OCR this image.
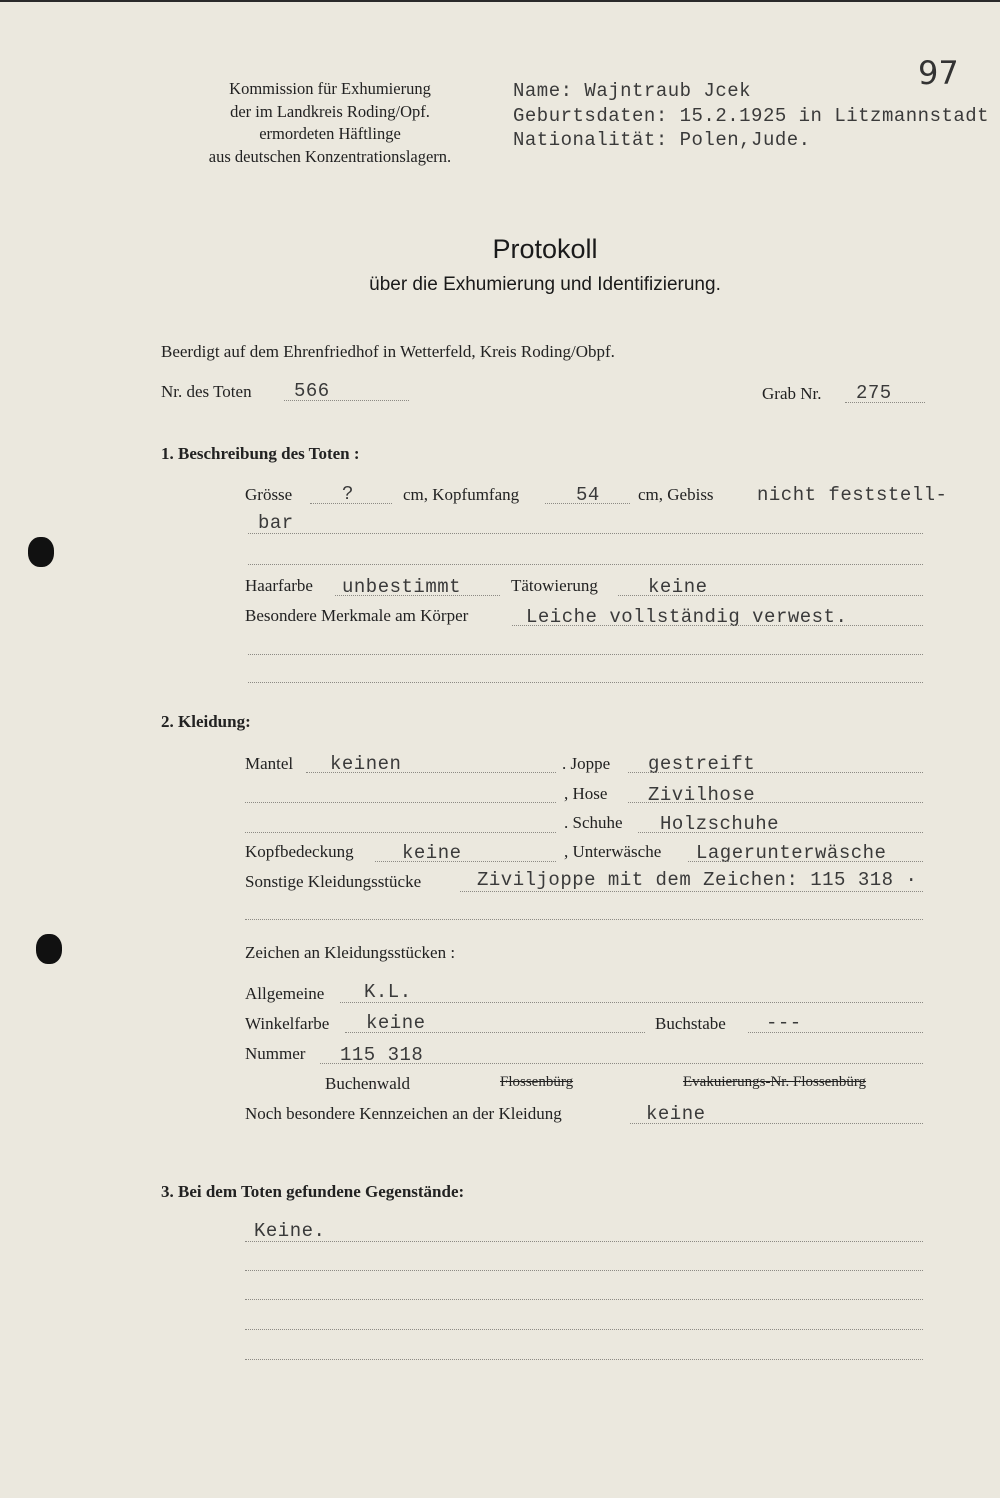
Kommission für Exhumierung
der im Landkreis Roding/Opf.
ermordeten Häftlinge
aus deutschen Konzentrationslagern.
Name: Wajntraub Jcek
Geburtsdaten: 15.2.1925 in Litzmannstadt
Nationalität: Polen,Jude.
97
Protokoll
über die Exhumierung und Identifizierung.
Beerdigt auf dem Ehrenfriedhof in Wetterfeld, Kreis Roding/Obpf.
Nr. des Toten 566	Grab Nr. 275
1. Beschreibung des Toten :
Grösse	?	cm, Kopfumfang	54 cm, Gebiss nicht feststell-
bar
Haarfarbe unbestimmt	Tätowierung	keine
Besondere Merkmale am Körper	Leiche vollständig verwest.
2. Kleidung:
Mantel keinen	. Joppe gestreift
, Hose Zivilhose
. Schuhe Holzschuhe
Kopfbedeckung	keine	, Unterwäsche Lagerunterwäsche
Sonstige Kleidungsstücke	Ziviljoppe mit dem Zeichen: 115 318 ·
Zeichen an Kleidungsstücken :
Allgemeine K.L.
Winkelfarbe keine	Buchstabe ---
Nummer 115 318
Buchenwald	Flossenbürg	Evakuierungs-Nr. Flossenbürg
Noch besondere Kennzeichen an der Kleidung	keine
3. Bei dem Toten gefundene Gegenstände:
Keine.
